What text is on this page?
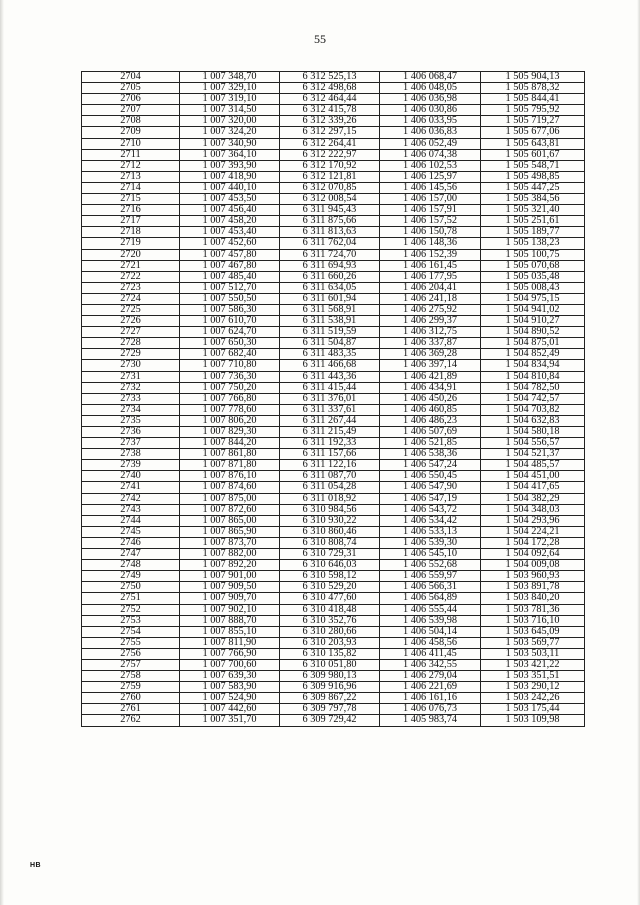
55
2704	1 007 348,70	6 312 525,13	1 406 068,47	1 505 904,13
2705	1 007 329,10	6 312 498,68	1 406 048,05	1 505 878,32
2706	1 007 319,10	6 312 464,44	1 406 036,98	1 505 844,41
2707	1 007 314,50	6 312 415,78	1 406 030,86	1 505 795,92
2708	1 007 320,00	6 312 339,26	1 406 033,95	1 505 719,27
2709	1 007 324,20	6 312 297,15	1 406 036,83	1 505 677,06
2710	1 007 340,90	6 312 264,41	1 406 052,49	1 505 643,81
2711	1 007 364,10	6 312 222,97	1 406 074,38	1 505 601,67
2712	1 007 393,90	6 312 170,92	1 406 102,53	1 505 548,71
2713	1 007 418,90	6 312 121,81	1 406 125,97	1 505 498,85
2714	1 007 440,10	6 312 070,85	1 406 145,56	1 505 447,25
2715	1 007 453,50	6 312 008,54	1 406 157,00	1 505 384,56
2716	1 007 456,40	6 311 945,43	1 406 157,91	1 505 321,40
2717	1 007 458,20	6 311 875,66	1 406 157,52	1 505 251,61
2718	1 007 453,40	6 311 813,63	1 406 150,78	1 505 189,77
2719	1 007 452,60	6 311 762,04	1 406 148,36	1 505 138,23
2720	1 007 457,80	6 311 724,70	1 406 152,39	1 505 100,75
2721	1 007 467,80	6 311 694,93	1 406 161,45	1 505 070,68
2722	1 007 485,40	6 311 660,26	1 406 177,95	1 505 035,48
2723	1 007 512,70	6 311 634,05	1 406 204,41	1 505 008,43
2724	1 007 550,50	6 311 601,94	1 406 241,18	1 504 975,15
2725	1 007 586,30	6 311 568,91	1 406 275,92	1 504 941,02
2726	1 007 610,70	6 311 538,91	1 406 299,37	1 504 910,27
2727	1 007 624,70	6 311 519,59	1 406 312,75	1 504 890,52
2728	1 007 650,30	6 311 504,87	1 406 337,87	1 504 875,01
2729	1 007 682,40	6 311 483,35	1 406 369,28	1 504 852,49
2730	1 007 710,80	6 311 466,68	1 406 397,14	1 504 834,94
2731	1 007 736,30	6 311 443,36	1 406 421,89	1 504 810,84
2732	1 007 750,20	6 311 415,44	1 406 434,91	1 504 782,50
2733	1 007 766,80	6 311 376,01	1 406 450,26	1 504 742,57
2734	1 007 778,60	6 311 337,61	1 406 460,85	1 504 703,82
2735	1 007 806,20	6 311 267,44	1 406 486,23	1 504 632,83
2736	1 007 829,30	6 311 215,49	1 406 507,69	1 504 580,18
2737	1 007 844,20	6 311 192,33	1 406 521,85	1 504 556,57
2738	1 007 861,80	6 311 157,66	1 406 538,36	1 504 521,37
2739	1 007 871,80	6 311 122,16	1 406 547,24	1 504 485,57
2740	1 007 876,10	6 311 087,70	1 406 550,45	1 504 451,00
2741	1 007 874,60	6 311 054,28	1 406 547,90	1 504 417,65
2742	1 007 875,00	6 311 018,92	1 406 547,19	1 504 382,29
2743	1 007 872,60	6 310 984,56	1 406 543,72	1 504 348,03
2744	1 007 865,00	6 310 930,22	1 406 534,42	1 504 293,96
2745	1 007 865,90	6 310 860,46	1 406 533,13	1 504 224,21
2746	1 007 873,70	6 310 808,74	1 406 539,30	1 504 172,28
2747	1 007 882,00	6 310 729,31	1 406 545,10	1 504 092,64
2748	1 007 892,20	6 310 646,03	1 406 552,68	1 504 009,08
2749	1 007 901,00	6 310 598,12	1 406 559,97	1 503 960,93
2750	1 007 909,50	6 310 529,20	1 406 566,31	1 503 891,78
2751	1 007 909,70	6 310 477,60	1 406 564,89	1 503 840,20
2752	1 007 902,10	6 310 418,48	1 406 555,44	1 503 781,36
2753	1 007 888,70	6 310 352,76	1 406 539,98	1 503 716,10
2754	1 007 855,10	6 310 280,66	1 406 504,14	1 503 645,09
2755	1 007 811,90	6 310 203,93	1 406 458,56	1 503 569,77
2756	1 007 766,90	6 310 135,82	1 406 411,45	1 503 503,11
2757	1 007 700,60	6 310 051,80	1 406 342,55	1 503 421,22
2758	1 007 639,30	6 309 980,13	1 406 279,04	1 503 351,51
2759	1 007 583,90	6 309 916,96	1 406 221,69	1 503 290,12
2760	1 007 524,90	6 309 867,22	1 406 161,16	1 503 242,26
2761	1 007 442,60	6 309 797,78	1 406 076,73	1 503 175,44
2762	1 007 351,70	6 309 729,42	1 405 983,74	1 503 109,98
НВ
